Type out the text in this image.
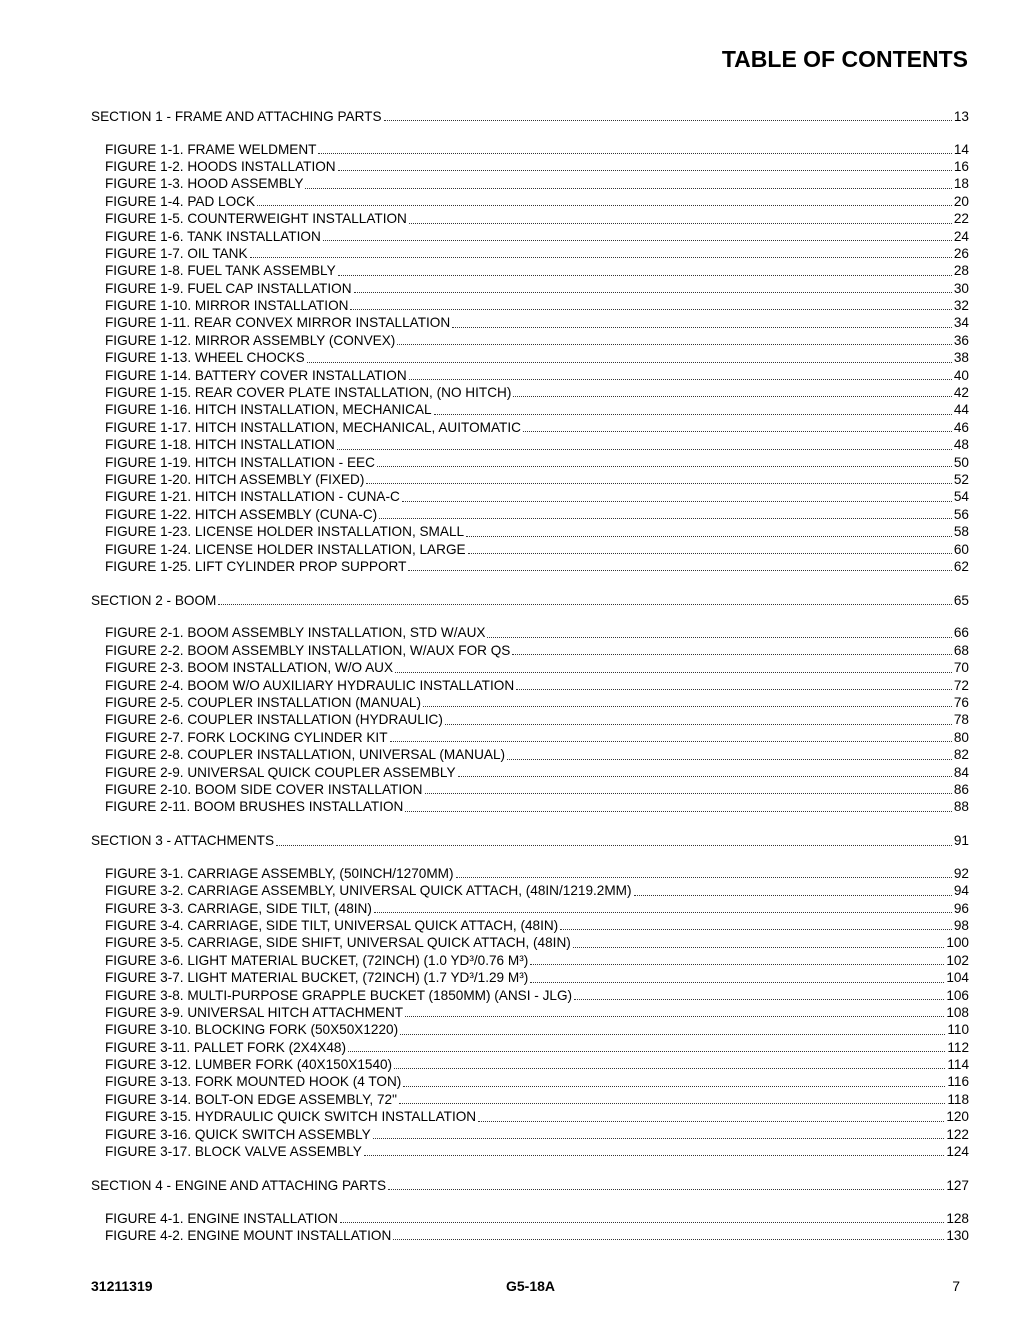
TABLE OF CONTENTS
SECTION 1 - FRAME AND ATTACHING PARTS	13
FIGURE 1-1. FRAME WELDMENT	14
FIGURE 1-2. HOODS INSTALLATION	16
FIGURE 1-3. HOOD ASSEMBLY	18
FIGURE 1-4. PAD LOCK	20
FIGURE 1-5. COUNTERWEIGHT INSTALLATION	22
FIGURE 1-6. TANK INSTALLATION	24
FIGURE 1-7. OIL TANK	26
FIGURE 1-8. FUEL TANK ASSEMBLY	28
FIGURE 1-9. FUEL CAP INSTALLATION	30
FIGURE 1-10. MIRROR INSTALLATION	32
FIGURE 1-11. REAR CONVEX MIRROR INSTALLATION	34
FIGURE 1-12. MIRROR ASSEMBLY (CONVEX)	36
FIGURE 1-13. WHEEL CHOCKS	38
FIGURE 1-14. BATTERY COVER INSTALLATION	40
FIGURE 1-15. REAR COVER PLATE INSTALLATION, (NO HITCH)	42
FIGURE 1-16. HITCH INSTALLATION, MECHANICAL	44
FIGURE 1-17. HITCH INSTALLATION, MECHANICAL, AUITOMATIC	46
FIGURE 1-18. HITCH INSTALLATION	48
FIGURE 1-19. HITCH INSTALLATION - EEC	50
FIGURE 1-20. HITCH ASSEMBLY (FIXED)	52
FIGURE 1-21. HITCH INSTALLATION - CUNA-C	54
FIGURE 1-22. HITCH ASSEMBLY (CUNA-C)	56
FIGURE 1-23. LICENSE HOLDER INSTALLATION, SMALL	58
FIGURE 1-24. LICENSE HOLDER INSTALLATION, LARGE	60
FIGURE 1-25. LIFT CYLINDER PROP SUPPORT	62
SECTION 2 - BOOM	65
FIGURE 2-1. BOOM ASSEMBLY INSTALLATION, STD W/AUX	66
FIGURE 2-2. BOOM ASSEMBLY INSTALLATION, W/AUX FOR QS	68
FIGURE 2-3. BOOM INSTALLATION, W/O AUX	70
FIGURE 2-4. BOOM W/O AUXILIARY HYDRAULIC INSTALLATION	72
FIGURE 2-5. COUPLER INSTALLATION (MANUAL)	76
FIGURE 2-6. COUPLER INSTALLATION (HYDRAULIC)	78
FIGURE 2-7. FORK LOCKING CYLINDER KIT	80
FIGURE 2-8. COUPLER INSTALLATION, UNIVERSAL (MANUAL)	82
FIGURE 2-9. UNIVERSAL QUICK COUPLER ASSEMBLY	84
FIGURE 2-10. BOOM SIDE COVER INSTALLATION	86
FIGURE 2-11. BOOM BRUSHES INSTALLATION	88
SECTION 3 - ATTACHMENTS	91
FIGURE 3-1. CARRIAGE ASSEMBLY, (50INCH/1270MM)	92
FIGURE 3-2. CARRIAGE ASSEMBLY, UNIVERSAL QUICK ATTACH, (48IN/1219.2MM)	94
FIGURE 3-3. CARRIAGE, SIDE TILT, (48IN)	96
FIGURE 3-4. CARRIAGE, SIDE TILT, UNIVERSAL QUICK ATTACH, (48IN)	98
FIGURE 3-5. CARRIAGE, SIDE SHIFT, UNIVERSAL QUICK ATTACH, (48IN)	100
FIGURE 3-6. LIGHT MATERIAL BUCKET, (72INCH) (1.0 YD³/0.76 M³)	102
FIGURE 3-7. LIGHT MATERIAL BUCKET, (72INCH) (1.7 YD³/1.29 M³)	104
FIGURE 3-8. MULTI-PURPOSE GRAPPLE BUCKET (1850MM) (ANSI - JLG)	106
FIGURE 3-9. UNIVERSAL HITCH ATTACHMENT	108
FIGURE 3-10. BLOCKING FORK (50X50X1220)	110
FIGURE 3-11. PALLET FORK (2X4X48)	112
FIGURE 3-12. LUMBER FORK (40X150X1540)	114
FIGURE 3-13. FORK MOUNTED HOOK (4 TON)	116
FIGURE 3-14. BOLT-ON EDGE ASSEMBLY, 72"	118
FIGURE 3-15. HYDRAULIC QUICK SWITCH INSTALLATION	120
FIGURE 3-16. QUICK SWITCH ASSEMBLY	122
FIGURE 3-17. BLOCK VALVE ASSEMBLY	124
SECTION 4 - ENGINE AND ATTACHING PARTS	127
FIGURE 4-1. ENGINE INSTALLATION	128
FIGURE 4-2. ENGINE MOUNT INSTALLATION	130
31211319	G5-18A	7
